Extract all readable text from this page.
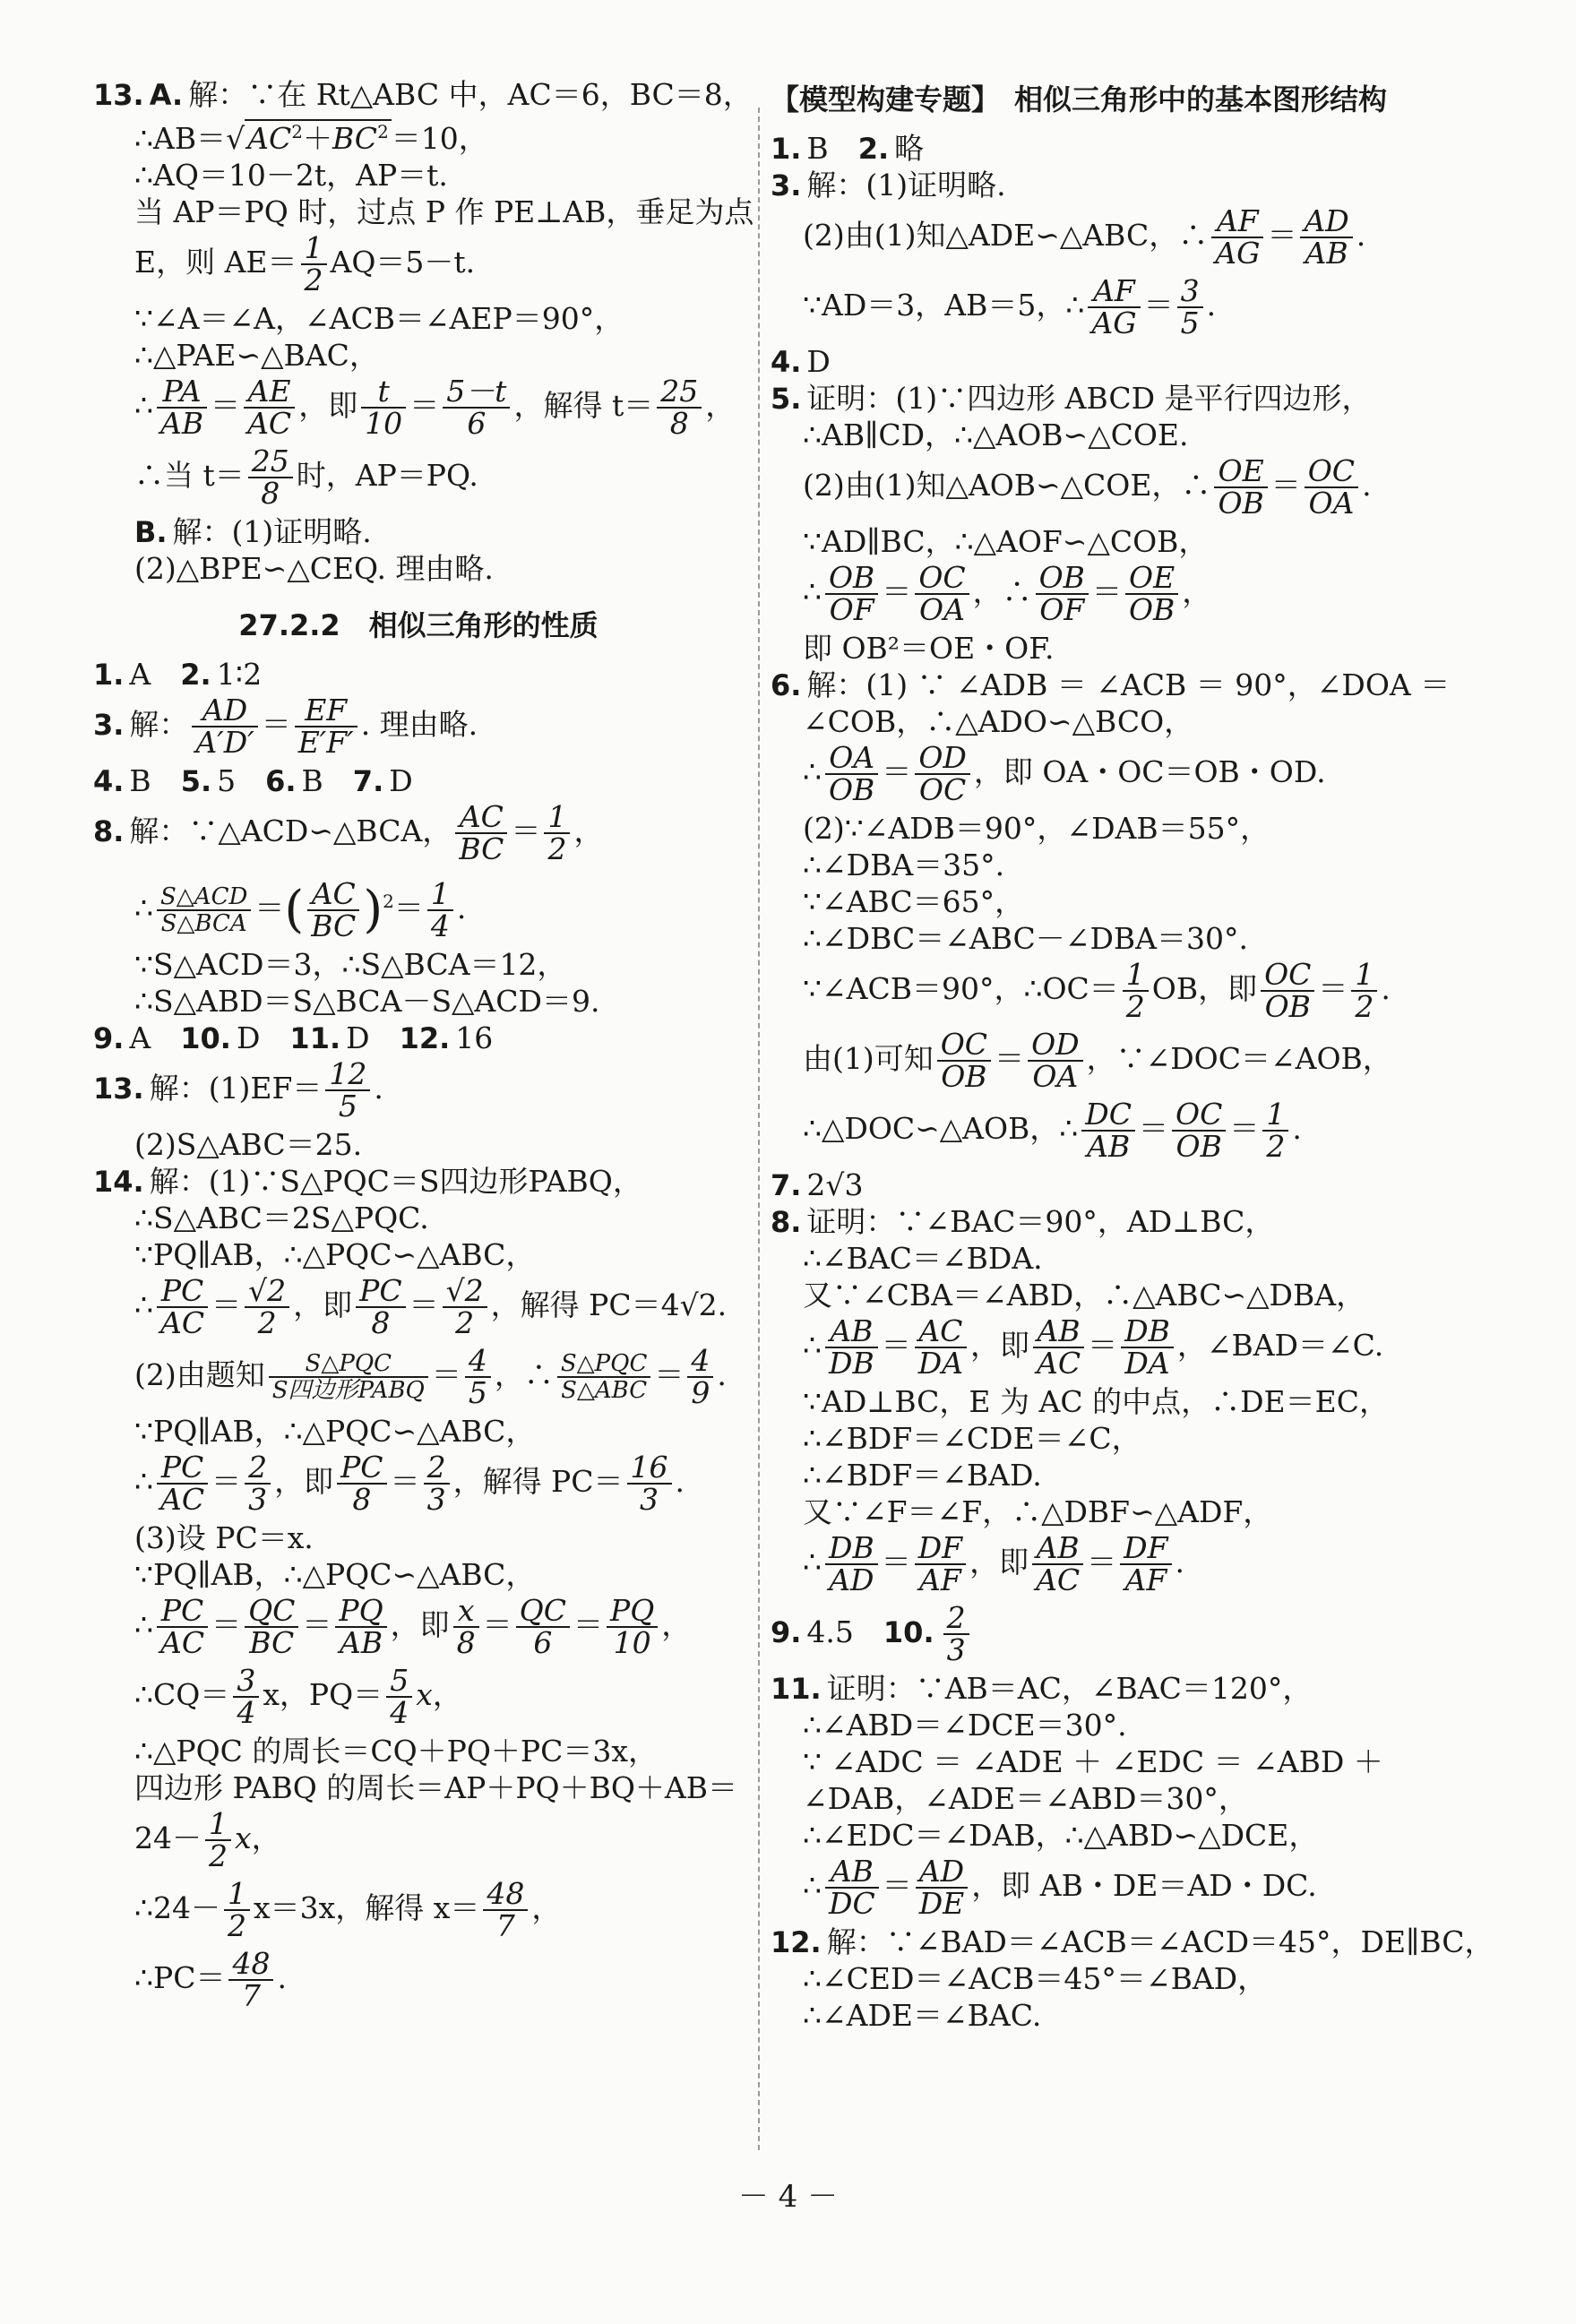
13. A. 解：∵在 Rt△ABC 中，AC＝6，BC＝8，
$\therefore AB=√AC^2+BC^2=10$，
∴AQ＝10－2t，AP＝t.
当 AP＝PQ 时，过点 P 作 PE⊥AB，垂足为点
E，则 $AE= \frac{1}{2} AQ=5-t$.
∵∠A＝∠A，∠ACB＝∠AEP＝90°，
∴△PAE∽△BAC，
∴ $\frac{PA}{AB} = \frac{AE}{AC}$ ，即 $\frac{t}{10} = \frac{5-t}{6}$ ，解得 $t= \frac{25}{8}$ ，
∴当 $t= \frac{25}{8}$ 时，AP＝PQ.
B. 解：(1)证明略.
(2)△BPE∽△CEQ. 理由略.
27.2.2　相似三角形的性质
1. A　 2. 1∶2
3. 解： $\frac{AD}{A'D'} = \frac{EF}{E'F'}$ . 理由略.
4. B　 5. 5　 6. B　 7. D
8. 解：∵△ACD∽△BCA， $\frac{AC}{BC} = \frac{1}{2}$ ，
∴ S△ACD
S△BCA ＝( $\frac{AC}{BC} )^2= \frac{1}{4}$ .
∵S△ACD＝3，∴S△BCA＝12，
∴S△ABD＝S△BCA－S△ACD＝9.
9. A　 10. D　 11. D　 12. 16
13. 解：$(1)EF= \frac{12}{5}$ .
(2)S△ABC＝25.
14. 解：(1)∵S△PQC＝S四边形PABQ，
∴S△ABC＝2S△PQC.
∵PQ∥AB，∴△PQC∽△ABC，
∴ $\frac{PC}{AC} = \frac{√2}{2}$ ，即 $\frac{PC}{8} = \frac{√2}{2}$ ，解得 PC＝4√2.
(2)由题知	S△PQC
S四边形PABQ ＝ $\frac{4}{5}$ ，∴ S△PQC
S△ABC ＝ $\frac{4}{9}$ .
∵PQ∥AB，∴△PQC∽△ABC，
∴ $\frac{PC}{AC} = \frac{2}{3}$ ，即 $\frac{PC}{8} = \frac{2}{3}$ ，解得 $PC= \frac{16}{3}$ .
(3)设 PC＝x.
∵PQ∥AB，∴△PQC∽△ABC，
∴ $\frac{PC}{AC} = \frac{QC}{BC} = \frac{PQ}{AB}$ ，即 $\frac{x}{8} = \frac{QC}{6} = \frac{PQ}{10}$ ，
∴CQ＝ $\frac{3}{4}$ x，$PQ= \frac{5}{4}$ x，
∴△PQC 的周长＝CQ＋PQ＋PC＝3x，
四边形 PABQ 的周长＝AP＋PQ＋BQ＋AB＝
$24- \frac{1}{2}$ x，
∴24－ $\frac{1}{2} x=3x$，解得 $x= \frac{48}{7}$ ，
∴PC＝ $\frac{48}{7}$ .
【模型构建专题】　相似三角形中的基本图形结构
1. B　 2. 略
3. 解：(1)证明略.
(2)由(1)知△ADE∽△ABC，∴ $\frac{AF}{AG} = \frac{AD}{AB}$ .
∵AD＝3，AB＝5，∴ $\frac{AF}{AG} = \frac{3}{5}$ .
4. D
5. 证明：(1)∵四边形 ABCD 是平行四边形，
∴AB∥CD，∴△AOB∽△COE.
(2)由(1)知△AOB∽△COE，∴ $\frac{OE}{OB} = \frac{OC}{OA}$ .
∵AD∥BC，∴△AOF∽△COB，
∴ $\frac{OB}{OF} = \frac{OC}{OA}$ ，∴ $\frac{OB}{OF} = \frac{OE}{OB}$ ，
即 OB²＝OE・OF.
6. 解：(1) ∵ ∠ADB ＝ ∠ACB ＝ 90°，∠DOA ＝
∠COB，∴△ADO∽△BCO，
∴ $\frac{OA}{OB} = \frac{OD}{OC}$ ，即 OA・OC＝OB・OD.
(2)∵∠ADB＝90°，∠DAB＝55°，
∴∠DBA＝35°.
∵∠ABC＝65°，
∴∠DBC＝∠ABC－∠DBA＝30°.
∵∠ACB＝90°，∴OC＝ $\frac{1}{2}$ OB，即 $\frac{OC}{OB} = \frac{1}{2}$ .
由(1)可知 $\frac{OC}{OB} = \frac{OD}{OA}$ ，∵∠DOC＝∠AOB，
∴△DOC∽△AOB，∴ $\frac{DC}{AB} = \frac{OC}{OB} = \frac{1}{2}$ .
7. 2√3
8. 证明：∵∠BAC＝90°，AD⊥BC，
∴∠BAC＝∠BDA.
又∵∠CBA＝∠ABD，∴△ABC∽△DBA，
∴ $\frac{AB}{DB} = \frac{AC}{DA}$ ，即 $\frac{AB}{AC} = \frac{DB}{DA}$ ，∠BAD＝∠C.
∵AD⊥BC，E 为 AC 的中点，∴DE＝EC，
∴∠BDF＝∠CDE＝∠C，
∴∠BDF＝∠BAD.
又∵∠F＝∠F，∴△DBF∽△ADF，
∴ $\frac{DB}{AD} = \frac{DF}{AF}$ ，即 $\frac{AB}{AC} = \frac{DF}{AF}$ .
9. 4.5　 10. $\frac{2}{3}$
11. 证明：∵AB＝AC，∠BAC＝120°，
∴∠ABD＝∠DCE＝30°.
∵ ∠ADC ＝ ∠ADE ＋ ∠EDC ＝ ∠ABD ＋
∠DAB，∠ADE＝∠ABD＝30°，
∴∠EDC＝∠DAB，∴△ABD∽△DCE，
∴ $\frac{AB}{DC} = \frac{AD}{DE}$ ，即 AB・DE＝AD・DC.
12. 解：∵∠BAD＝∠ACB＝∠ACD＝45°，DE∥BC，
∴∠CED＝∠ACB＝45°＝∠BAD，
∴∠ADE＝∠BAC.
－ 4 －
